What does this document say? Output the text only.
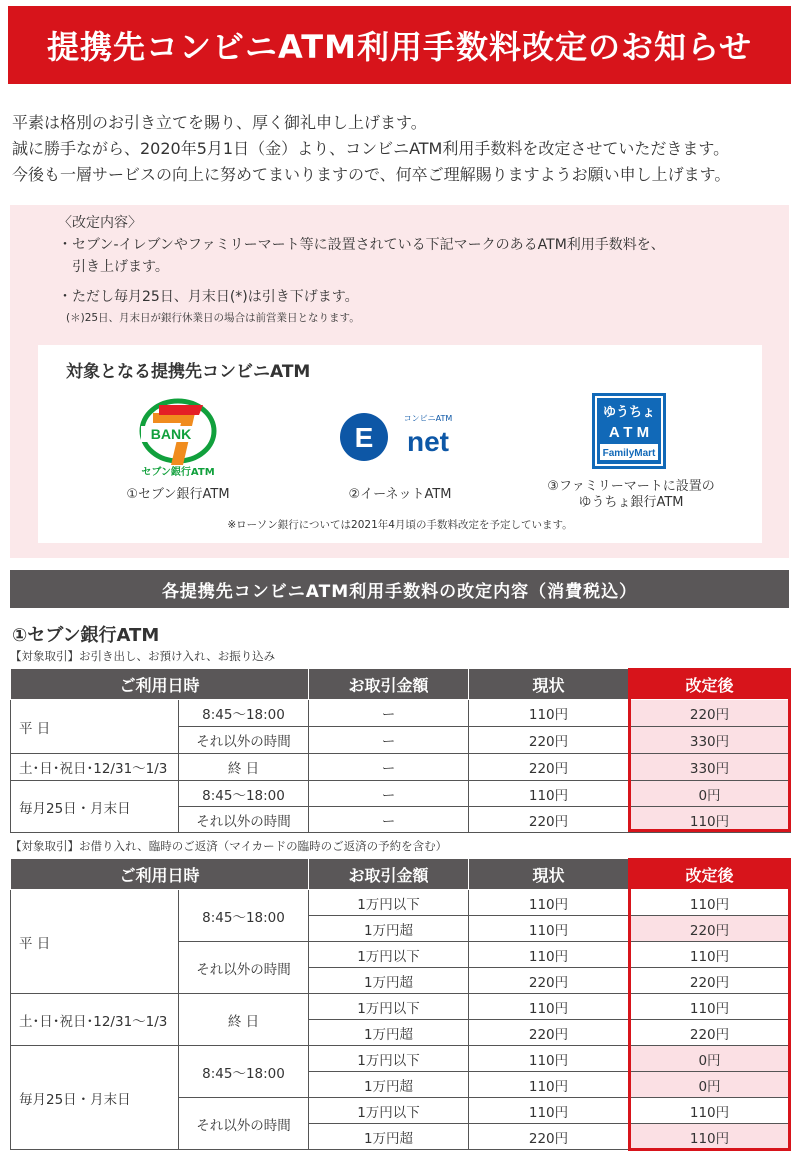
提携先コンビニATM利用手数料改定のお知らせ
平素は格別のお引き立てを賜り、厚く御礼申し上げます。
誠に勝手ながら、2020年5月1日（金）より、コンビニATM利用手数料を改定させていただきます。
今後も一層サービスの向上に努めてまいりますので、何卒ご理解賜りますようお願い申し上げます。
〈改定内容〉
・セブン-イレブンやファミリーマート等に設置されている下記マークのあるATM利用手数料を、
引き上げます。
・ただし毎月25日、月末日(*)は引き下げます。
(＊)25日、月末日が銀行休業日の場合は前営業日となります。
対象となる提携先コンビニATM
BANK
セブン銀行ATM
①セブン銀行ATM
E
コンビニATM
net
②イーネットATM
ゆうちょ
A T M
FamilyMart
③ファミリーマートに設置の
ゆうちょ銀行ATM
※ローソン銀行については2021年4月頃の手数料改定を予定しています。
各提携先コンビニATM利用手数料の改定内容（消費税込）
①セブン銀行ATM
【対象取引】お引き出し、お預け入れ、お振り込み
ご利用日時		お取引金額	現状	改定後
平 日	8:45～18:00	ー	110円	220円
	それ以外の時間	ー	220円	330円
土･日･祝日･12/31～1/3	終 日	ー	220円	330円
毎月25日・月末日	8:45～18:00	ー	110円	0円
	それ以外の時間	ー	220円	110円
【対象取引】お借り入れ、臨時のご返済（マイカードの臨時のご返済の予約を含む）
ご利用日時		お取引金額	現状	改定後
平 日	8:45～18:00	1万円以下	110円	110円
		1万円超	110円	220円
	それ以外の時間	1万円以下	110円	110円
		1万円超	220円	220円
土･日･祝日･12/31～1/3	終 日	1万円以下	110円	110円
		1万円超	220円	220円
毎月25日・月末日	8:45～18:00	1万円以下	110円	0円
		1万円超	110円	0円
	それ以外の時間	1万円以下	110円	110円
		1万円超	220円	110円
